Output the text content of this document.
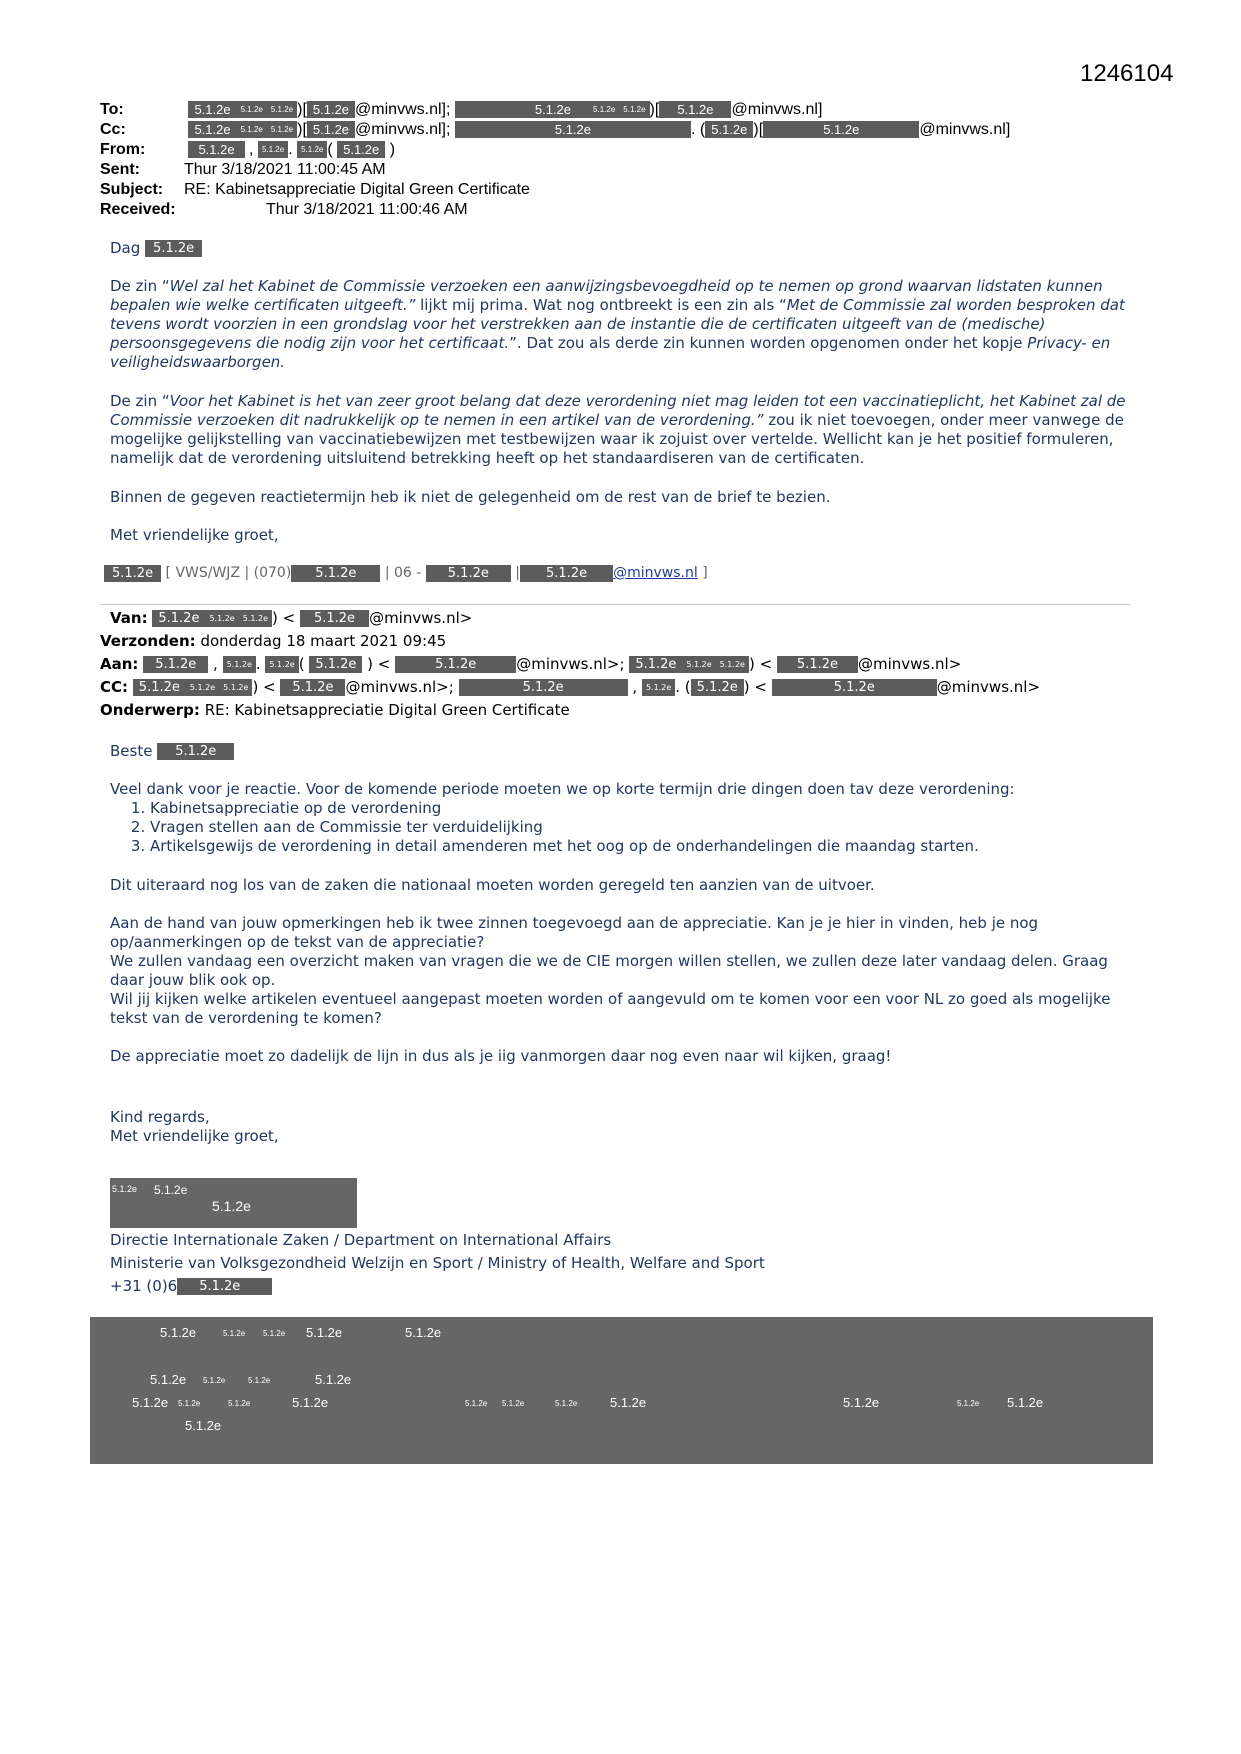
1246104
To:	5.1.2e 5.1.2e 5.1.2e )[ 5.1.2e @minvws.nl];	5.1.2e	5.1.2e 5.1.2e )[ 5.1.2e @minvws.nl]
Cc:	5.1.2e 5.1.2e 5.1.2e )[ 5.1.2e @minvws.nl];	5.1.2e	. ( 5.1.2e )[	5.1.2e	@minvws.nl]
From:	5.1.2e , 5.1.2e . 5.1.2e ( 5.1.2e )
Sent:	Thur 3/18/2021 11:00:45 AM
Subject: RE: Kabinetsappreciatie Digital Green Certificate
Received:	Thur 3/18/2021 11:00:46 AM
Dag 5.1.2e

De zin “Wel zal het Kabinet de Commissie verzoeken een aanwijzingsbevoegdheid op te nemen op grond waarvan lidstaten kunnen bepalen wie welke certificaten uitgeeft.” lijkt mij prima. Wat nog ontbreekt is een zin als “Met de Commissie zal worden besproken dat tevens wordt voorzien in een grondslag voor het verstrekken aan de instantie die de certificaten uitgeeft van de (medische) persoonsgegevens die nodig zijn voor het certificaat.”. Dat zou als derde zin kunnen worden opgenomen onder het kopje Privacy- en veiligheidswaarborgen.

De zin “Voor het Kabinet is het van zeer groot belang dat deze verordening niet mag leiden tot een vaccinatieplicht, het Kabinet zal de Commissie verzoeken dit nadrukkelijk op te nemen in een artikel van de verordening.” zou ik niet toevoegen, onder meer vanwege de mogelijke gelijkstelling van vaccinatiebewijzen met testbewijzen waar ik zojuist over vertelde. Wellicht kan je het positief formuleren, namelijk dat de verordening uitsluitend betrekking heeft op het standaardiseren van de certificaten.

Binnen de gegeven reactietermijn heb ik niet de gelegenheid om de rest van de brief te bezien.
Met vriendelijke groet,
5.1.2e [ VWS/WJZ | (070) 5.1.2e | 06 - 5.1.2e | 5.1.2e @minvws.nl ]
Van: 5.1.2e 5.1.2e 5.1.2e ) < 5.1.2e @minvws.nl>
Verzonden: donderdag 18 maart 2021 09:45
Aan: 5.1.2e , 5.1.2e . 5.1.2e ( 5.1.2e ) <	5.1.2e	@minvws.nl>; 5.1.2e 5.1.2e 5.1.2e ) < 5.1.2e @minvws.nl>
CC: 5.1.2e 5.1.2e 5.1.2e ) < 5.1.2e @minvws.nl>;	5.1.2e	, 5.1.2e . ( 5.1.2e ) <	5.1.2e	@minvws.nl>
Onderwerp: RE: Kabinetsappreciatie Digital Green Certificate
Beste 5.1.2e

Veel dank voor je reactie. Voor de komende periode moeten we op korte termijn drie dingen doen tav deze verordening:

1. Kabinetsappreciatie op de verordening
2. Vragen stellen aan de Commissie ter verduidelijking
3. Artikelsgewijs de verordening in detail amenderen met het oog op de onderhandelingen die maandag starten.
Dit uiteraard nog los van de zaken die nationaal moeten worden geregeld ten aanzien van de uitvoer.

Aan de hand van jouw opmerkingen heb ik twee zinnen toegevoegd aan de appreciatie. Kan je je hier in vinden, heb je nog op/aanmerkingen op de tekst van de appreciatie?

We zullen vandaag een overzicht maken van vragen die we de CIE morgen willen stellen, we zullen deze later vandaag delen. Graag daar jouw blik ook op.

Wil jij kijken welke artikelen eventueel aangepast moeten worden of aangevuld om te komen voor een voor NL zo goed als mogelijke tekst van de verordening te komen?

De appreciatie moet zo dadelijk de lijn in dus als je iig vanmorgen daar nog even naar wil kijken, graag!

Kind regards,

Met vriendelijke groet,

5.1.2e 5.1.2e
5.1.2e

Directie Internationale Zaken / Department on International Affairs

Ministerie van Volksgezondheid Welzijn en Sport / Ministry of Health, Welfare and Sport

+31 (0)6 5.1.2e

5.1.2e	5.1.2e 5.1.2e 5.1.2e	5.1.2e
5.1.2e 5.1.2e	5.1.2e	5.1.2e
5.1.2e 5.1.2e	5.1.2e	5.1.2e	5.1.2e 5.1.2e	5.1.2e	5.1.2e	5.1.2e	5.1.2e 5.1.2e
5.1.2e
